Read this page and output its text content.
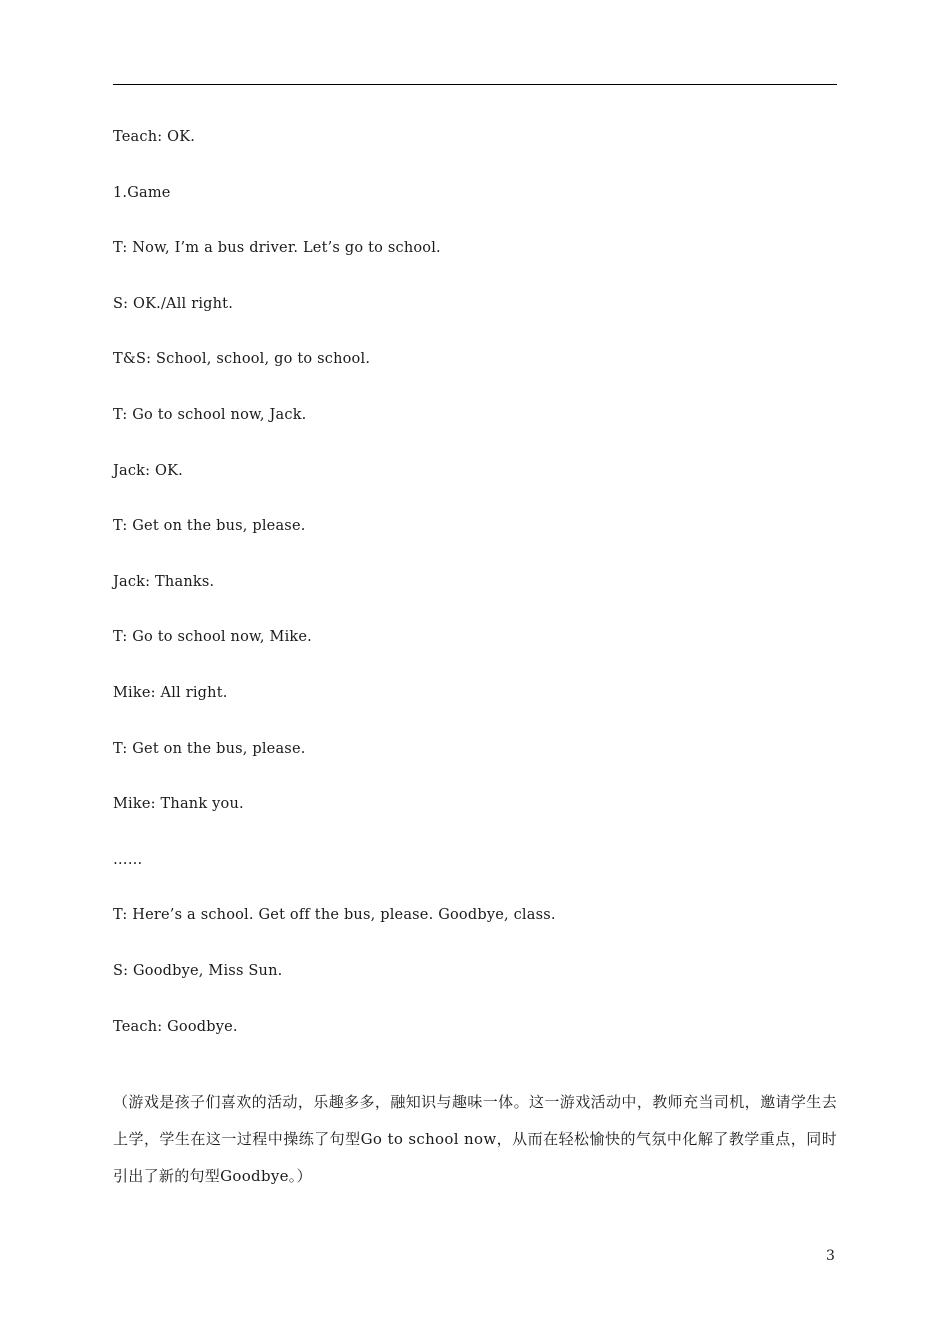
Teach: OK.
1.Game
T: Now, I’m a bus driver. Let’s go to school.
S: OK./All right.
T&S: School, school, go to school.
T: Go to school now, Jack.
Jack: OK.
T: Get on the bus, please.
Jack: Thanks.
T: Go to school now, Mike.
Mike: All right.
T: Get on the bus, please.
Mike: Thank you.
……
T: Here’s a school. Get off the bus, please. Goodbye, class.
S: Goodbye, Miss Sun.
Teach: Goodbye.

（游戏是孩子们喜欢的活动，乐趣多多，融知识与趣味一体。这一游戏活动中，教师充当司机，邀请学生去上学，学生在这一过程中操练了句型Go to school now，从而在轻松愉快的气氛中化解了教学重点，同时引出了新的句型Goodbye。）

3
